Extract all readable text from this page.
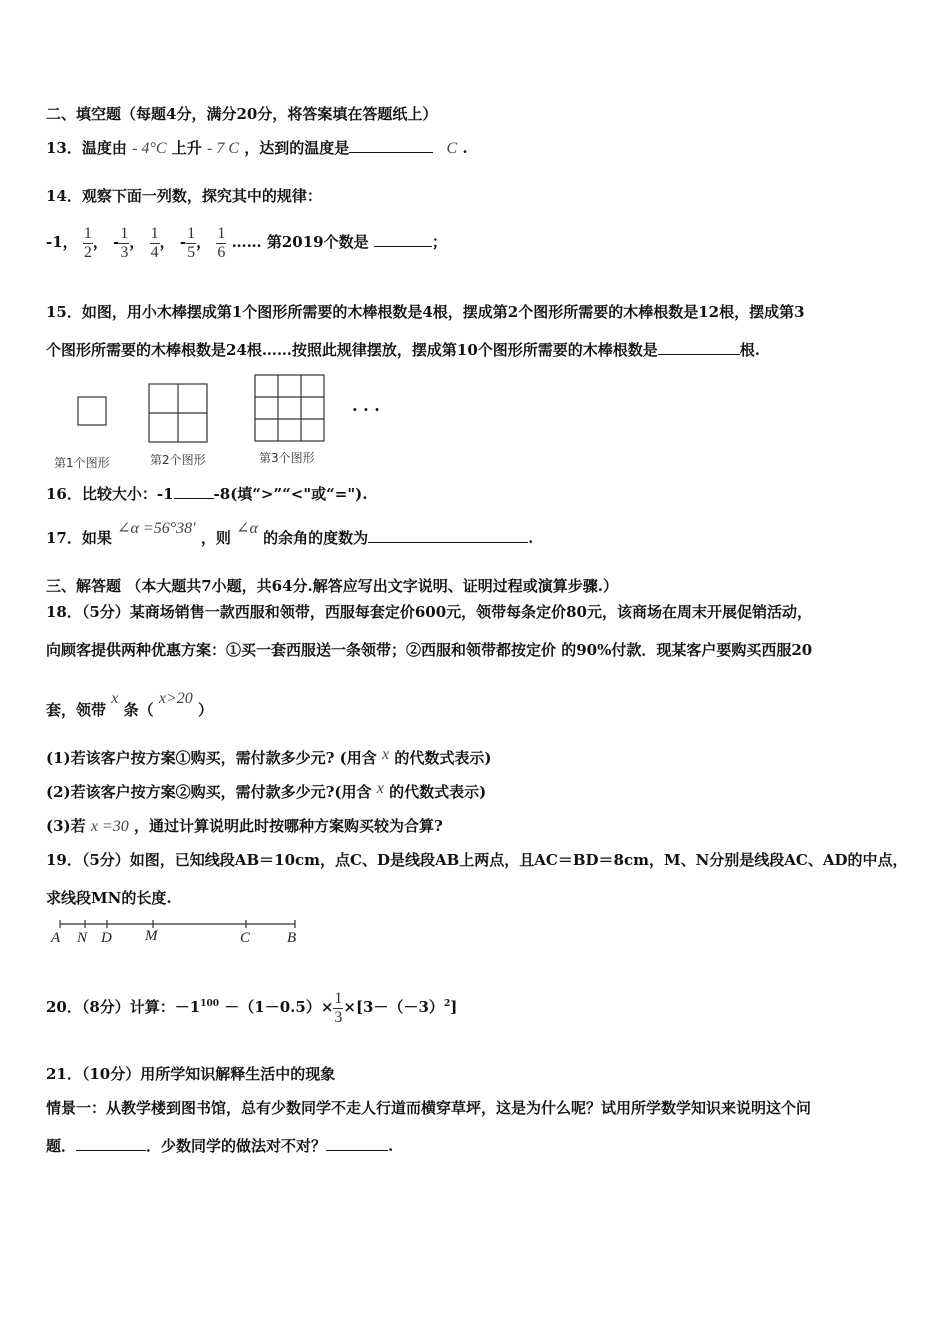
二、填空题（每题4分，满分20分，将答案填在答题纸上）
13．温度由 - 4°C 上升 - 7 C ，达到的温度是	C .
14．观察下面一列数，探究其中的规律：
-1， $\frac{1}{2}$ ， - $\frac{1}{3}$ ， $\frac{1}{4}$ ， - $\frac{1}{5}$ ， $\frac{1}{6}$ …… 第2019个数是	；
15．如图，用小木棒摆成第1个图形所需要的木棒根数是4根，摆成第2个图形所需要的木棒根数是12根，摆成第3
个图形所需要的木棒根数是24根……按照此规律摆放，摆成第10个图形所需要的木棒根数是	根.
· · ·
第1个图形	第2个图形	第3个图形
16．比较大小：-1	-8(填“>”“<"或“=").
17．如果 ∠α =56°38′ ，则 ∠α 的余角的度数为	.
三、解答题 （本大题共7小题，共64分.解答应写出文字说明、证明过程或演算步骤.）
18．（5分）某商场销售一款西服和领带，西服每套定价600元，领带每条定价80元，该商场在周末开展促销活动，
向顾客提供两种优惠方案：①买一套西服送一条领带；②西服和领带都按定价 的90%付款．现某客户要购买西服20
套，领带 x 条（ x>20 ）
(1)若该客户按方案①购买，需付款多少元? (用含 x 的代数式表示)
(2)若该客户按方案②购买，需付款多少元?(用含 x 的代数式表示)
(3)若 x =30 ，通过计算说明此时按哪种方案购买较为合算?
19．（5分）如图，已知线段AB＝10cm，点C、D是线段AB上两点，且AC＝BD＝8cm，M、N分别是线段AC、AD的中点，
求线段MN的长度.
A N D M	C B
20．（8分）计算：$-1^{100} -(1-0.5)\times \frac{1}{3} \times[3-(-3)^2]$
21．（10分）用所学知识解释生活中的现象
情景一：从教学楼到图书馆，总有少数同学不走人行道而横穿草坪，这是为什么呢？试用所学数学知识来说明这个问
题．	．少数同学的做法对不对？	.
